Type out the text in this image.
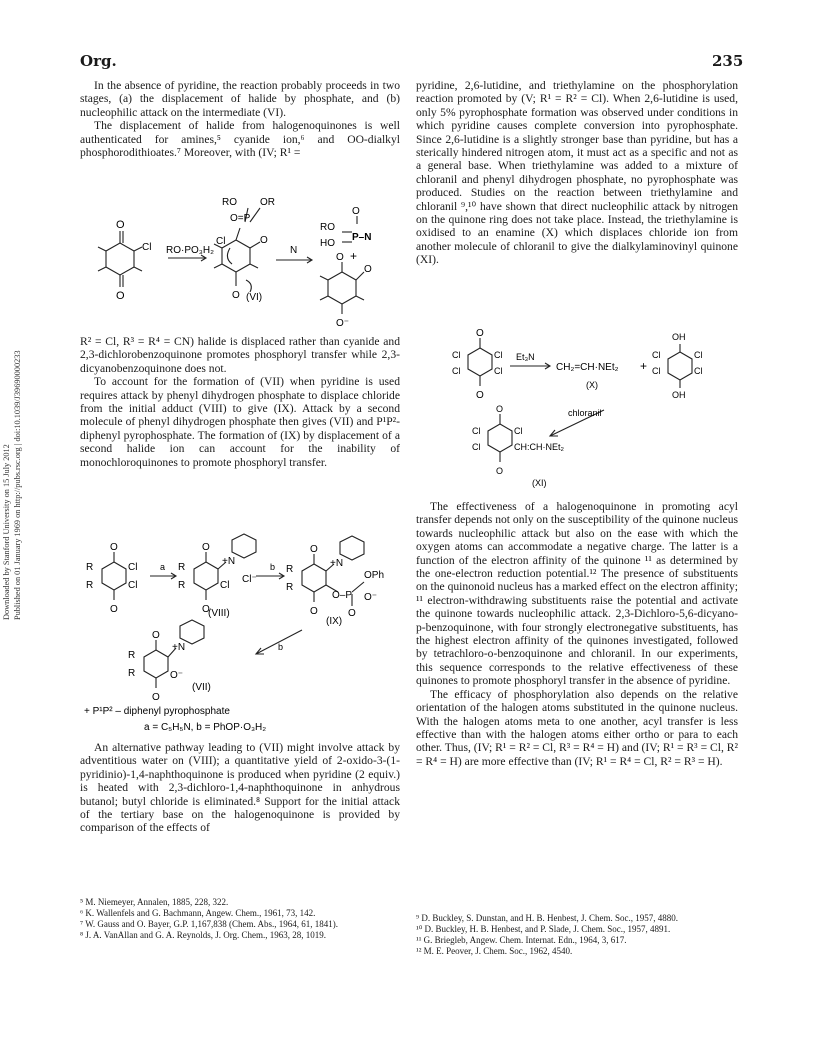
Downloaded by Stanford University on 15 July 2012 Published on 01 January 1969 on http://pubs.rsc.org | doi:10.1039/J39690000233
Org.	235

In the absence of pyridine, the reaction probably proceeds in two stages, (a) the displacement of halide by phosphate, and (b) nucleophilic attack on the intermediate (VI).

The displacement of halide from halogenoquinones is well authenticated for amines,⁵ cyanide ion,⁶ and OO-dialkyl phosphorodithioates.⁷ Moreover, with (IV; R¹ =

O
O
Cl RO·PO₃H₂
RO OR
O=P
O
Cl
O
N
RO
HO
O
P–N
+
O
O
O⁻
(VI)

R² = Cl, R³ = R⁴ = CN) halide is displaced rather than cyanide and 2,3-dichlorobenzoquinone promotes phosphoryl transfer while 2,3-dicyanobenzoquinone does not.

To account for the formation of (VII) when pyridine is used requires attack by phenyl dihydrogen phosphate to displace chloride from the initial adduct (VIII) to give (IX). Attack by a second molecule of phenyl dihydrogen phosphate then gives (VII) and P¹P²-diphenyl pyrophosphate. The formation of (IX) by displacement of a second halide ion can account for the inability of monochloroquinones to promote phosphoryl transfer.

R
R
Cl
Cl
O
O
a R
R
O
O
Cl
+N
Cl⁻
b
(VIII)
R
R
O
O
+N
O–P
OPh
O⁻
O
(IX)
b
R
R
O
O
O⁻
+N
(VII)
+ P¹P² – diphenyl pyrophosphate
a = C₅H₅N, b = PhOP·O₃H₂

An alternative pathway leading to (VII) might involve attack by adventitious water on (VIII); a quantitative yield of 2-oxido-3-(1-pyridinio)-1,4-naphthoquinone is produced when pyridine (2 equiv.) is heated with 2,3-dichloro-1,4-naphthoquinone in anhydrous butanol; butyl chloride is eliminated.⁸ Support for the initial attack of the tertiary base on the halogenoquinone is provided by comparison of the effects of

⁵ M. Niemeyer, Annalen, 1885, 228, 322.
⁶ K. Wallenfels and G. Bachmann, Angew. Chem., 1961, 73, 142.
⁷ W. Gauss and O. Bayer, G.P. 1,167,838 (Chem. Abs., 1964, 61, 1841).
⁸ J. A. VanAllan and G. A. Reynolds, J. Org. Chem., 1963, 28, 1019.

pyridine, 2,6-lutidine, and triethylamine on the phosphorylation reaction promoted by (V; R¹ = R² = Cl). When 2,6-lutidine is used, only 5% pyrophosphate formation was observed under conditions in which pyridine causes complete conversion into pyrophosphate. Since 2,6-lutidine is a slightly stronger base than pyridine, but has a sterically hindered nitrogen atom, it must act as a specific and not as a general base. When triethylamine was added to a mixture of chloranil and phenyl dihydrogen phosphate, no pyrophosphate was produced. Studies on the reaction between triethylamine and chloranil ⁹,¹⁰ have shown that direct nucleophilic attack by nitrogen on the quinone ring does not take place. Instead, the triethylamine is oxidised to an enamine (X) which displaces chloride ion from another molecule of chloranil to give the dialkylaminovinyl quinone (XI).

O
O
Cl
Cl
Cl
Cl
Et₃N
CH₂=CH·NEt₂ +
OH
OH
Cl
Cl
Cl
Cl
(X)
chloranil
O
O
Cl
Cl
Cl
CH:CH·NEt₂
(XI)

The effectiveness of a halogenoquinone in promoting acyl transfer depends not only on the susceptibility of the quinone nucleus towards nucleophilic attack but also on the ease with which the oxygen atoms can accommodate a negative charge. The latter is a function of the electron affinity of the quinone ¹¹ as determined by the one-electron reduction potential.¹² The presence of substituents on the quinonoid nucleus has a marked effect on the electron affinity; ¹¹ electron-withdrawing substituents raise the potential and activate the quinone towards nucleophilic attack. 2,3-Dichloro-5,6-dicyano-p-benzoquinone, with four strongly electronegative substituents, has the highest electron affinity of the quinones investigated, followed by tetrachloro-o-benzoquinone and chloranil. In our experiments, this sequence corresponds to the relative effectiveness of these quinones to promote phosphoryl transfer in the absence of pyridine.

The efficacy of phosphorylation also depends on the relative orientation of the halogen atoms substituted in the quinone nucleus. With the halogen atoms meta to one another, acyl transfer is less effective than with the halogen atoms either ortho or para to each other. Thus, (IV; R¹ = R² = Cl, R³ = R⁴ = H) and (IV; R¹ = R³ = Cl, R² = R⁴ = H) are more effective than (IV; R¹ = R⁴ = Cl, R² = R³ = H).

⁹ D. Buckley, S. Dunstan, and H. B. Henbest, J. Chem. Soc., 1957, 4880.
¹⁰ D. Buckley, H. B. Henbest, and P. Slade, J. Chem. Soc., 1957, 4891.
¹¹ G. Briegleb, Angew. Chem. Internat. Edn., 1964, 3, 617.
¹² M. E. Peover, J. Chem. Soc., 1962, 4540.
